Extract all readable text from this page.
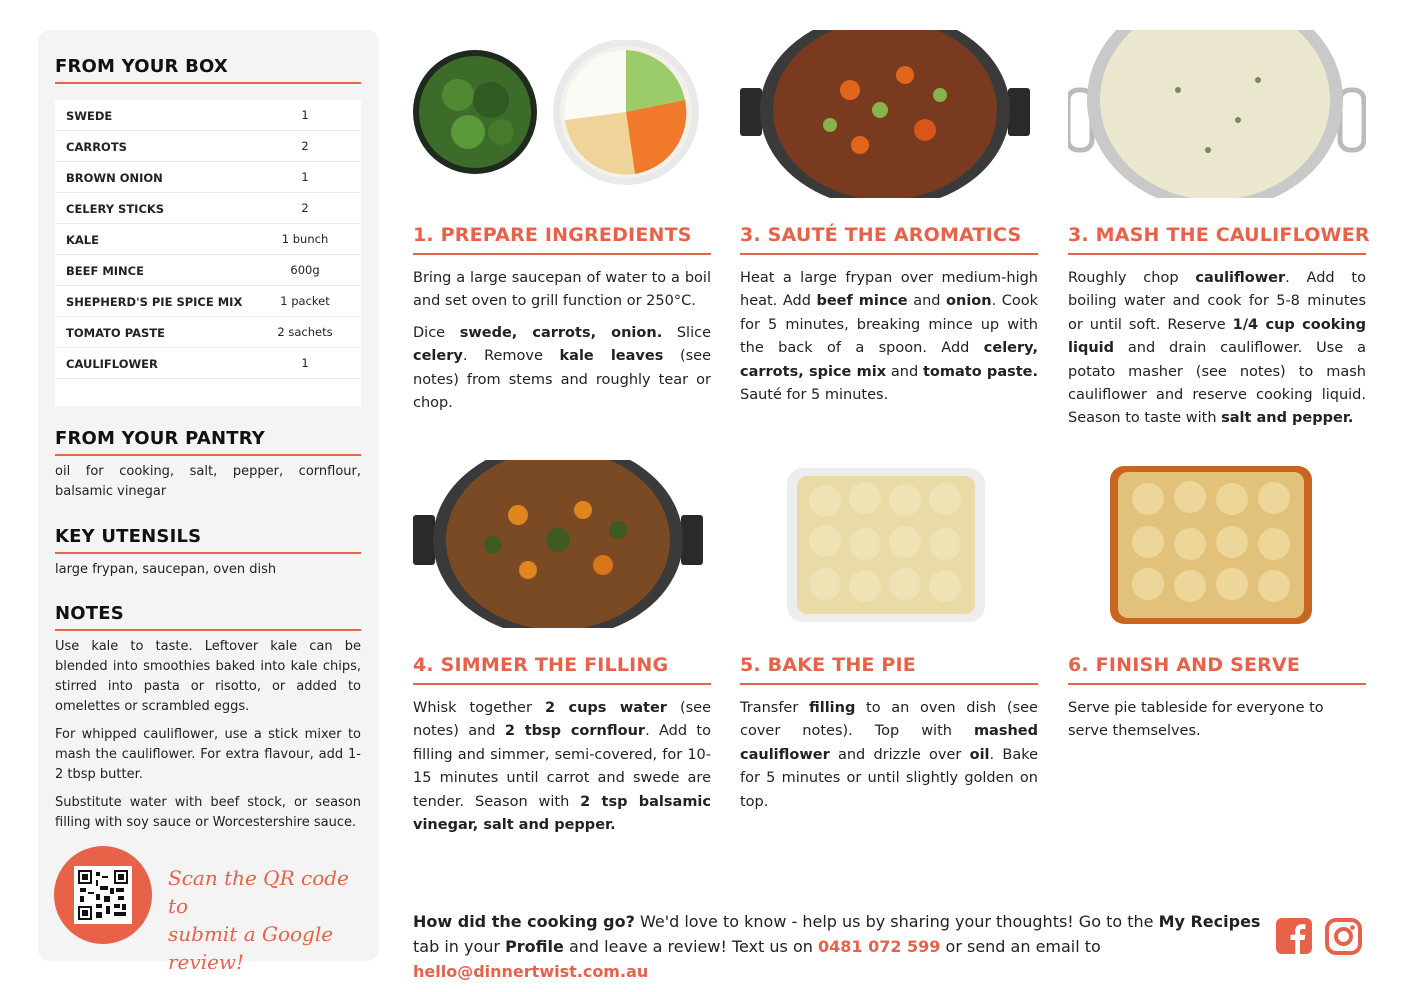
FROM YOUR BOX
SWEDE	1
CARROTS	2
BROWN ONION	1
CELERY STICKS	2
KALE	1 bunch
BEEF MINCE	600g
SHEPHERD'S PIE SPICE MIX	1 packet
TOMATO PASTE	2 sachets
CAULIFLOWER	1
FROM YOUR PANTRY
oil for cooking, salt, pepper, cornflour, balsamic vinegar
KEY UTENSILS
large frypan, saucepan, oven dish
NOTES

Use kale to taste. Leftover kale can be blended into smoothies baked into kale chips, stirred into pasta or risotto, or added to omelettes or scrambled eggs.

For whipped cauliflower, use a stick mixer to mash the cauliflower. For extra flavour, add 1-2 tbsp butter.

Substitute water with beef stock, or season filling with soy sauce or Worcestershire sauce.

Scan the QR code to
submit a Google review!
1. PREPARE INGREDIENTS	3. SAUTÉ THE AROMATICS 3. MASH THE CAULIFLOWER

Bring a large saucepan of water to a boil and set oven to grill function or 250°C.

Dice swede, carrots, onion. Slice celery. Remove kale leaves (see notes) from stems and roughly tear or chop.

Heat a large frypan over medium-high heat. Add beef mince and onion. Cook for 5 minutes, breaking mince up with the back of a spoon. Add celery, carrots, spice mix and tomato paste. Sauté for 5 minutes.

Roughly chop cauliflower. Add to boiling water and cook for 5-8 minutes or until soft. Reserve 1/4 cup cooking liquid and drain cauliflower. Use a potato masher (see notes) to mash cauliflower and reserve cooking liquid. Season to taste with salt and pepper.

4. SIMMER THE FILLING	5. BAKE THE PIE	6. FINISH AND SERVE

Whisk together 2 cups water (see notes) and 2 tbsp cornflour. Add to filling and simmer, semi-covered, for 10-15 minutes until carrot and swede are tender. Season with 2 tsp balsamic vinegar, salt and pepper.

Transfer filling to an oven dish (see cover notes). Top with mashed cauliflower and drizzle over oil. Bake for 5 minutes or until slightly golden on top.

Serve pie tableside for everyone to serve themselves.

How did the cooking go? We'd love to know - help us by sharing your thoughts! Go to the My Recipes tab in your Profile and leave a review! Text us on 0481 072 599 or send an email to hello@dinnertwist.com.au
